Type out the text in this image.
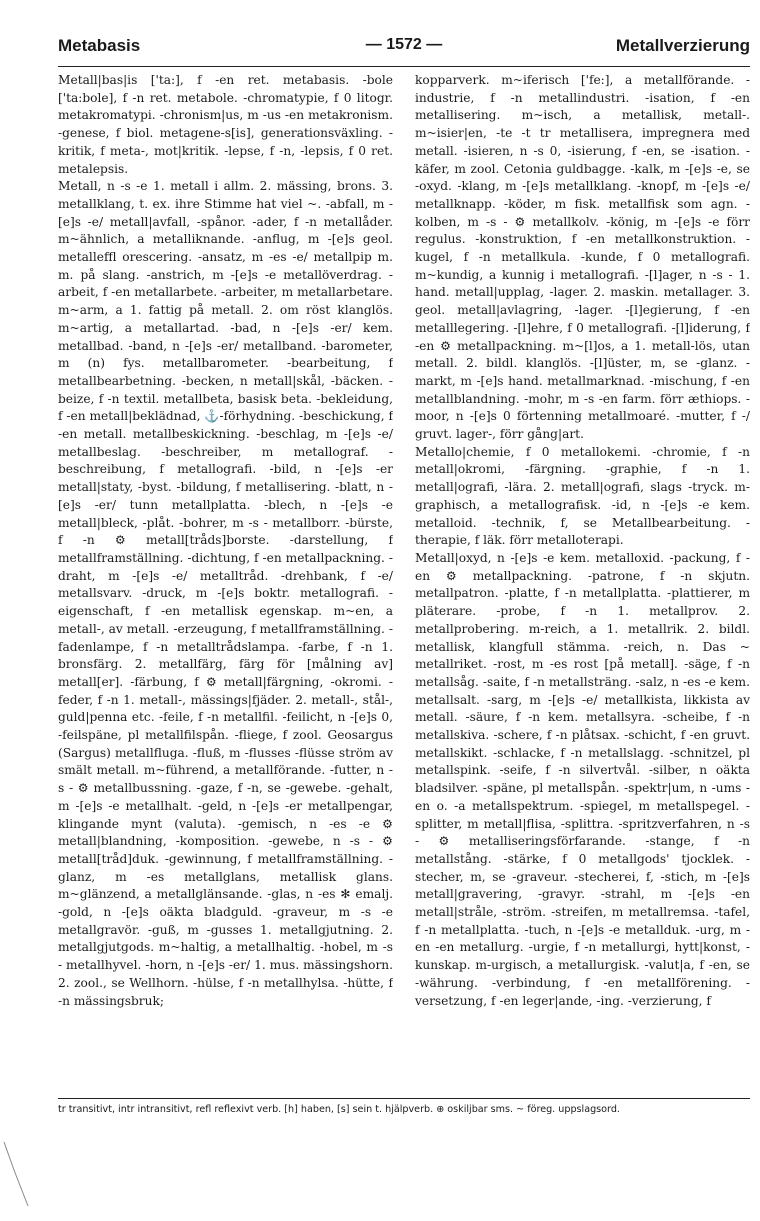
Metabasis	— 1572 —	Metallverzierung

Metall|bas|is ['ta:], f -en ret. metabasis. -bole ['ta:bole], f -n ret. metabole. -chromatypie, f 0 litogr. metakromatypi. -chronism|us, m -us -en metakronism. -genese, f biol. metagene-s[is], generationsväxling. -kritik, f meta-, mot|kritik. -lepse, f -n, -lepsis, f 0 ret. metalepsis.

Metall, n -s -e 1. metall i allm. 2. mässing, brons. 3. metallklang, t. ex. ihre Stimme hat viel ~. -abfall, m -[e]s -e/ metall|avfall, -spånor. -ader, f -n metallåder. m~ähnlich, a metalliknande. -anflug, m -[e]s geol. metalleffl orescering. -ansatz, m -es -e/ metallpip m. m. på slang. -anstrich, m -[e]s -e metallöverdrag. -arbeit, f -en metallarbete. -arbeiter, m metallarbetare. m~arm, a 1. fattig på metall. 2. om röst klanglös. m~artig, a metallartad. -bad, n -[e]s -er/ kem. metallbad. -band, n -[e]s -er/ metallband. -barometer, m (n) fys. metallbarometer. -bearbeitung, f metallbearbetning. -becken, n metall|skål, -bäcken. -beize, f -n textil. metallbeta, basisk beta. -bekleidung, f -en metall|beklädnad, ⚓-förhydning. -beschickung, f -en metall. metallbeskickning. -beschlag, m -[e]s -e/ metallbeslag. -beschreiber, m metallograf. -beschreibung, f metallografi. -bild, n -[e]s -er metall|staty, -byst. -bildung, f metallisering. -blatt, n -[e]s -er/ tunn metallplatta. -blech, n -[e]s -e metall|bleck, -plåt. -bohrer, m -s - metallborr. -bürste, f -n ⚙ metall[tråds]borste. -darstellung, f metallframställning. -dichtung, f -en metallpackning. -draht, m -[e]s -e/ metalltråd. -drehbank, f -e/ metallsvarv. -druck, m -[e]s boktr. metallografi. -eigenschaft, f -en metallisk egenskap. m~en, a metall-, av metall. -erzeugung, f metallframställning. -fadenlampe, f -n metalltrådslampa. -farbe, f -n 1. bronsfärg. 2. metallfärg, färg för [målning av] metall[er]. -färbung, f ⚙ metall|färgning, -okromi. -feder, f -n 1. metall-, mässings|fjäder. 2. metall-, stål-, guld|penna etc. -feile, f -n metallfil. -feilicht, n -[e]s 0, -feilspäne, pl metallfilspån. -fliege, f zool. Geosargus (Sargus) metallfluga. -fluß, m -flusses -flüsse ström av smält metall. m~führend, a metallförande. -futter, n -s - ⚙ metallbussning. -gaze, f -n, se -gewebe. -gehalt, m -[e]s -e metallhalt. -geld, n -[e]s -er metallpengar, klingande mynt (valuta). -gemisch, n -es -e ⚙ metall|blandning, -komposition. -gewebe, n -s - ⚙ metall[tråd]duk. -gewinnung, f metallframställning. -glanz, m -es metallglans, metallisk glans. m~glänzend, a metallglänsande. -glas, n -es ✻ emalj. -gold, n -[e]s oäkta bladguld. -graveur, m -s -e metallgravör. -guß, m -gusses 1. metallgjutning. 2. metallgjutgods. m~haltig, a metallhaltig. -hobel, m -s - metallhyvel. -horn, n -[e]s -er/ 1. mus. mässingshorn. 2. zool., se Wellhorn. -hülse, f -n metallhylsa. -hütte, f -n mässingsbruk;

kopparverk. m~iferisch ['fe:], a metallförande. -industrie, f -n metallindustri. -isation, f -en metallisering. m~isch, a metallisk, metall-. m~isier|en, -te -t tr metallisera, impregnera med metall. -isieren, n -s 0, -isierung, f -en, se -isation. -käfer, m zool. Cetonia guldbagge. -kalk, m -[e]s -e, se -oxyd. -klang, m -[e]s metallklang. -knopf, m -[e]s -e/ metallknapp. -köder, m fisk. metallfisk som agn. -kolben, m -s - ⚙ metallkolv. -könig, m -[e]s -e förr regulus. -konstruktion, f -en metallkonstruktion. -kugel, f -n metallkula. -kunde, f 0 metallografi. m~kundig, a kunnig i metallografi. -[l]ager, n -s - 1. hand. metall|upplag, -lager. 2. maskin. metallager. 3. geol. metall|avlagring, -lager. -[l]egierung, f -en metalllegering. -[l]ehre, f 0 metallografi. -[l]iderung, f -en ⚙ metallpackning. m~[l]os, a 1. metall-lös, utan metall. 2. bildl. klanglös. -[l]üster, m, se -glanz. -markt, m -[e]s hand. metallmarknad. -mischung, f -en metallblandning. -mohr, m -s -en farm. förr æthiops. -moor, n -[e]s 0 förtenning metallmoaré. -mutter, f -/ gruvt. lager-, förr gång|art.

Metallo|chemie, f 0 metallokemi. -chromie, f -n metall|okromi, -färgning. -graphie, f -n 1. metall|ografi, -lära. 2. metall|ografi, slags -tryck. m-graphisch, a metallografisk. -id, n -[e]s -e kem. metalloid. -technik, f, se Metallbearbeitung. -therapie, f läk. förr metalloterapi.

Metall|oxyd, n -[e]s -e kem. metalloxid. -packung, f -en ⚙ metallpackning. -patrone, f -n skjutn. metallpatron. -platte, f -n metallplatta. -plattierer, m pläterare. -probe, f -n 1. metallprov. 2. metallprobering. m-reich, a 1. metallrik. 2. bildl. metallisk, klangfull stämma. -reich, n. Das ~ metallriket. -rost, m -es rost [på metall]. -säge, f -n metallsåg. -saite, f -n metallsträng. -salz, n -es -e kem. metallsalt. -sarg, m -[e]s -e/ metallkista, likkista av metall. -säure, f -n kem. metallsyra. -scheibe, f -n metallskiva. -schere, f -n plåtsax. -schicht, f -en gruvt. metallskikt. -schlacke, f -n metallslagg. -schnitzel, pl metallspink. -seife, f -n silvertvål. -silber, n oäkta bladsilver. -späne, pl metallspån. -spektr|um, n -ums -en o. -a metallspektrum. -spiegel, m metallspegel. -splitter, m metall|flisa, -splittra. -spritzverfahren, n -s - ⚙ metalliseringsförfarande. -stange, f -n metallstång. -stärke, f 0 metallgods' tjocklek. -stecher, m, se -graveur. -stecherei, f, -stich, m -[e]s metall|gravering, -gravyr. -strahl, m -[e]s -en metall|stråle, -ström. -streifen, m metallremsa. -tafel, f -n metallplatta. -tuch, n -[e]s -e metallduk. -urg, m -en -en metallurg. -urgie, f -n metallurgi, hytt|konst, -kunskap. m-urgisch, a metallurgisk. -valut|a, f -en, se -währung. -verbindung, f -en metallförening. -versetzung, f -en leger|ande, -ing. -verzierung, f

tr transitivt, intr intransitivt, refl reflexivt verb. [h] haben, [s] sein t. hjälpverb. ⊕ oskiljbar sms. ~ föreg. uppslagsord.
